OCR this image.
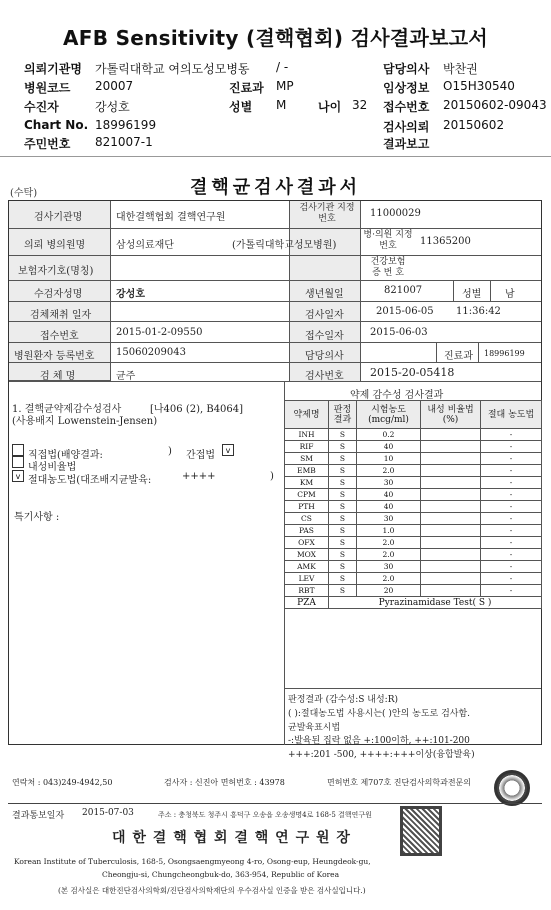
AFB Sensitivity (결핵협회) 검사결과보고서
의뢰기관명 가톨릭대학교 여의도성모병동 / -	담당의사 박찬권
병원코드 20007	진료과 MP	임상정보 O15H30540
수진자	강성호	성별 M	나이 32 접수번호 20150602-09043
Chart No. 18996199	검사의뢰 20150602
주민번호 821007-1	결과보고
(수탁)	결핵균검사결과서
검사기관명	대한결핵협회 결핵연구원
검사기관 지정번호	11000029
의뢰 병의원명	삼성의료재단	(가톨릭대학교성모병원)
병·의원 지정번호	11365200
보험자기호(명칭)
건강보험 증 번 호
수검자성명	강성호	생년월일	821007	성별 남
검체채취 일자	검사일자	2015-06-05 11:36:42
접수번호	2015-01-2-09550	접수일자	2015-06-03
병원환자 등록번호 15060209043	담당의사	진료과 18996199
검 체 명	균주	검사번호 2015-20-05418
1. 결핵균약제감수성검사	[나406 (2), B4064]
(사용배지 Lowenstein-Jensen)
직접법(배양결과:	) 간접법	v
내성비율법
v 절대농도법(대조배지균발육:	++++	)
특기사항 :
약제 감수성 검사결과
약제명	판정 결과	시험농도 (mcg/ml)	내성 비율법(%)	절대 농도법
INH	S	0.2		-
RIF	S	40		-
SM	S	10		-
EMB	S	2.0		-
KM	S	30		-
CPM	S	40		-
PTH	S	40		-
CS	S	30		-
PAS	S	1.0		-
OFX	S	2.0		-
MOX	S	2.0		-
AMK	S	30		-
LEV	S	2.0		-
RBT	S	20		-
PZA	Pyrazinamidase Test( S )			
판정결과 (감수성:S 내성:R)
( ):절대농도법 사용시는( )안의 농도로 검사함.
균발육표시법
-:발육된 집락 없음 +:100이하, ++:101-200
+++:201 -500, ++++:+++이상(융합발육)
연락처 : 043)249-4942,50	검사자 : 신진아 면허번호 : 43978	면허번호 제707호 진단검사의학과전문의
결과통보일자 2015-07-03	주소 : 충청북도 청주시 흥덕구 오송읍 오송생명4로 168-5 결핵연구원
대 한 결 핵 협 회 결 핵 연 구 원 장
Korean Institute of Tuberculosis, 168-5, Osongsaengmyeong 4-ro, Osong-eup, Heungdeok-gu,
Cheongju-si, Chungcheongbuk-do, 363-954, Republic of Korea
(본 검사실은 대한진단검사의학회/진단검사의학재단의 우수검사실 인증을 받은 검사실입니다.)
